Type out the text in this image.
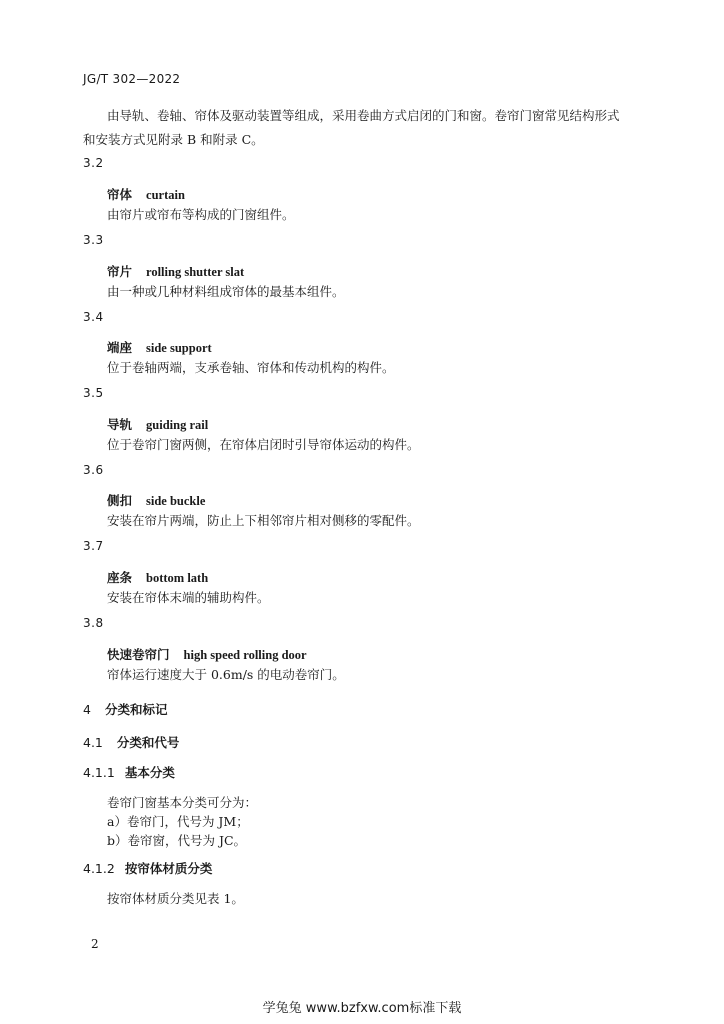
JG/T 302—2022
由导轨、卷轴、帘体及驱动装置等组成，采用卷曲方式启闭的门和窗。卷帘门窗常见结构形式
和安装方式见附录 B 和附录 C。
3.2
帘体 curtain
由帘片或帘布等构成的门窗组件。
3.3
帘片 rolling shutter slat
由一种或几种材料组成帘体的最基本组件。
3.4
端座 side support
位于卷轴两端，支承卷轴、帘体和传动机构的构件。
3.5
导轨 guiding rail
位于卷帘门窗两侧，在帘体启闭时引导帘体运动的构件。
3.6
侧扣 side buckle
安装在帘片两端，防止上下相邻帘片相对侧移的零配件。
3.7
座条 bottom lath
安装在帘体末端的辅助构件。
3.8
快速卷帘门 high speed rolling door
帘体运行速度大于 0.6m/s 的电动卷帘门。
4 分类和标记
4.1 分类和代号
4.1.1 基本分类
卷帘门窗基本分类可分为：
a）卷帘门，代号为 JM；
b）卷帘窗，代号为 JC。
4.1.2 按帘体材质分类
按帘体材质分类见表 1。
2
学兔兔 www.bzfxw.com标准下载
